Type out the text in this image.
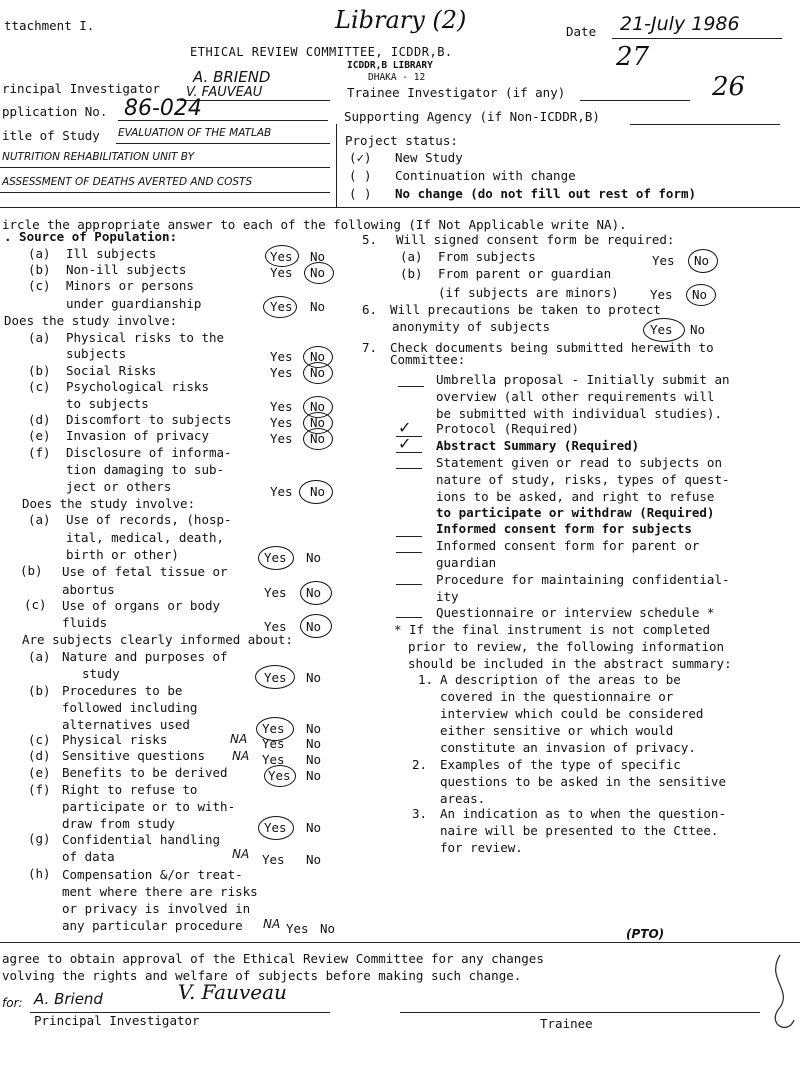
ttachment I.	Library (2)	Date 21-July 1986
27
26
ETHICAL REVIEW COMMITTEE, ICDDR,B.
ICDDR,B LIBRARY
DHAKA - 12
rincipal Investigator
A. BRIEND
V. FAUVEAU
pplication No. 86-024
itle of Study EVALUATION OF THE MATLAB
NUTRITION REHABILITATION UNIT BY
ASSESSMENT OF DEATHS AVERTED AND COSTS
Trainee Investigator (if any)
Supporting Agency (if Non-ICDDR,B)
Project status:
(✓) New Study
( ) Continuation with change
( ) No change (do not fill out rest of form)
ircle the appropriate answer to each of the following (If Not Applicable write NA).
. Source of Population:
(a) Ill subjects	Yes No
(b) Non-ill subjects	Yes No
(c) Minors or persons
under guardianship	Yes No
Does the study involve:
(a) Physical risks to the
subjects	Yes No
(b) Social Risks	Yes No
(c) Psychological risks
to subjects	Yes No
(d) Discomfort to subjects	Yes No
(e) Invasion of privacy	Yes No
(f) Disclosure of informa-
tion damaging to sub-
ject or others	Yes No
Does the study involve:
(a) Use of records, (hosp-
ital, medical, death,
birth or other)	Yes No
(b) Use of fetal tissue or
abortus	Yes No
(c) Use of organs or body
fluids	Yes No
Are subjects clearly informed about:
(a) Nature and purposes of
study	Yes No
(b) Procedures to be
followed including
alternatives used	Yes No
(c) Physical risks	NA Yes No
(d) Sensitive questions NA Yes No
(e) Benefits to be derived	Yes No
(f) Right to refuse to
participate or to with-
draw from study	Yes No
(g) Confidential handling
of data	NA Yes No
(h) Compensation &/or treat-
ment where there are risks
or privacy is involved in
any particular procedure NA Yes No
5. Will signed consent form be required:
(a) From subjects	Yes No
(b) From parent or guardian
(if subjects are minors)	Yes No
6. Will precautions be taken to protect
anonymity of subjects	Yes No
7. Check documents being submitted herewith to
Committee:
Umbrella proposal - Initially submit an
overview (all other requirements will
be submitted with individual studies).
✓ Protocol (Required)
✓ Abstract Summary (Required)
Statement given or read to subjects on
nature of study, risks, types of quest-
ions to be asked, and right to refuse
to participate or withdraw (Required)
Informed consent form for subjects
Informed consent form for parent or
guardian
Procedure for maintaining confidential-
ity
Questionnaire or interview schedule *
* If the final instrument is not completed
prior to review, the following information
should be included in the abstract summary:
1. A description of the areas to be
covered in the questionnaire or
interview which could be considered
either sensitive or which would
constitute an invasion of privacy.
2. Examples of the type of specific
questions to be asked in the sensitive
areas.
3. An indication as to when the question-
naire will be presented to the Cttee.
for review.
(PTO)
agree to obtain approval of the Ethical Review Committee for any changes
volving the rights and welfare of subjects before making such change.
for: A. Briend	V. Fauveau
Principal Investigator	Trainee
